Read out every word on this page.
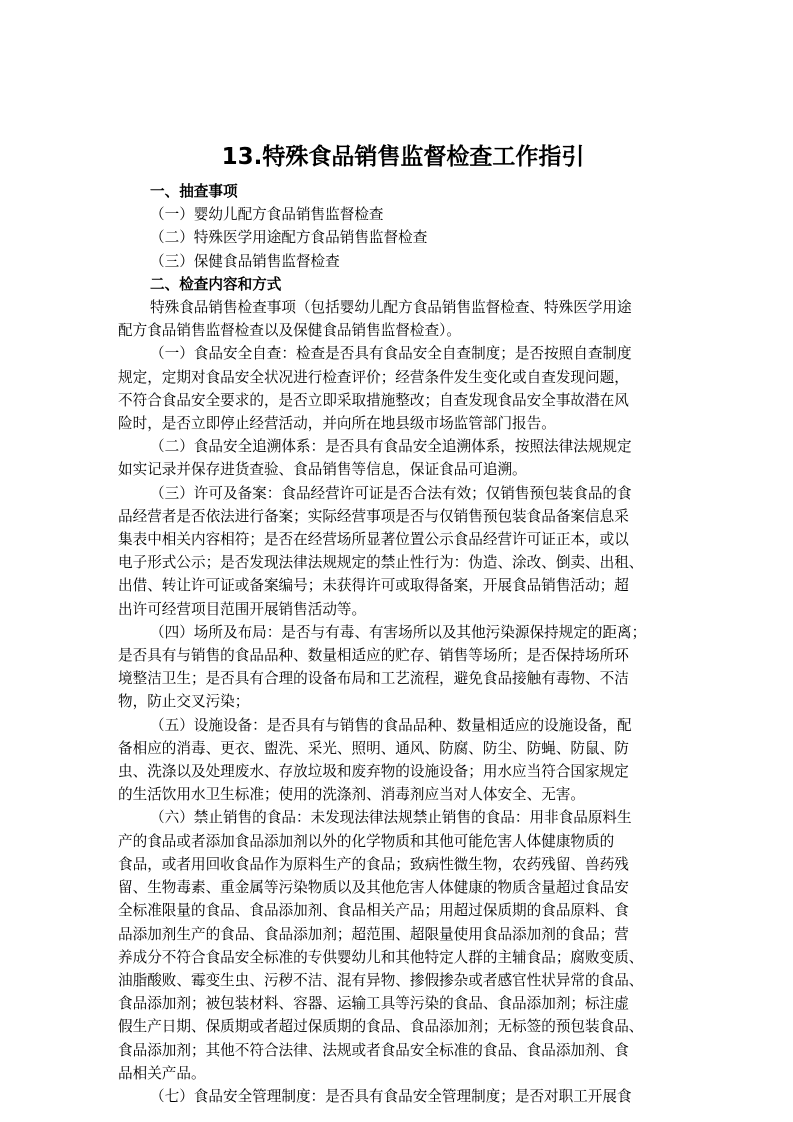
13.特殊食品销售监督检查工作指引
一、抽查事项
（一）婴幼儿配方食品销售监督检查
（二）特殊医学用途配方食品销售监督检查
（三）保健食品销售监督检查
二、检查内容和方式
特殊食品销售检查事项（包括婴幼儿配方食品销售监督检查、特殊医学用途
配方食品销售监督检查以及保健食品销售监督检查）。
（一）食品安全自查：检查是否具有食品安全自查制度；是否按照自查制度
规定，定期对食品安全状况进行检查评价；经营条件发生变化或自查发现问题，
不符合食品安全要求的，是否立即采取措施整改；自查发现食品安全事故潜在风
险时，是否立即停止经营活动，并向所在地县级市场监管部门报告。
（二）食品安全追溯体系：是否具有食品安全追溯体系，按照法律法规规定
如实记录并保存进货查验、食品销售等信息，保证食品可追溯。
（三）许可及备案：食品经营许可证是否合法有效；仅销售预包装食品的食
品经营者是否依法进行备案；实际经营事项是否与仅销售预包装食品备案信息采
集表中相关内容相符；是否在经营场所显著位置公示食品经营许可证正本，或以
电子形式公示；是否发现法律法规规定的禁止性行为：伪造、涂改、倒卖、出租、
出借、转让许可证或备案编号；未获得许可或取得备案，开展食品销售活动；超
出许可经营项目范围开展销售活动等。
（四）场所及布局：是否与有毒、有害场所以及其他污染源保持规定的距离；
是否具有与销售的食品品种、数量相适应的贮存、销售等场所；是否保持场所环
境整洁卫生；是否具有合理的设备布局和工艺流程，避免食品接触有毒物、不洁
物，防止交叉污染；
（五）设施设备：是否具有与销售的食品品种、数量相适应的设施设备，配
备相应的消毒、更衣、盥洗、采光、照明、通风、防腐、防尘、防蝇、防鼠、防
虫、洗涤以及处理废水、存放垃圾和废弃物的设施设备；用水应当符合国家规定
的生活饮用水卫生标准；使用的洗涤剂、消毒剂应当对人体安全、无害。
（六）禁止销售的食品：未发现法律法规禁止销售的食品：用非食品原料生
产的食品或者添加食品添加剂以外的化学物质和其他可能危害人体健康物质的
食品，或者用回收食品作为原料生产的食品；致病性微生物，农药残留、兽药残
留、生物毒素、重金属等污染物质以及其他危害人体健康的物质含量超过食品安
全标准限量的食品、食品添加剂、食品相关产品；用超过保质期的食品原料、食
品添加剂生产的食品、食品添加剂；超范围、超限量使用食品添加剂的食品；营
养成分不符合食品安全标准的专供婴幼儿和其他特定人群的主辅食品；腐败变质、
油脂酸败、霉变生虫、污秽不洁、混有异物、掺假掺杂或者感官性状异常的食品、
食品添加剂；被包装材料、容器、运输工具等污染的食品、食品添加剂；标注虚
假生产日期、保质期或者超过保质期的食品、食品添加剂；无标签的预包装食品、
食品添加剂；其他不符合法律、法规或者食品安全标准的食品、食品添加剂、食
品相关产品。
（七）食品安全管理制度：是否具有食品安全管理制度；是否对职工开展食
